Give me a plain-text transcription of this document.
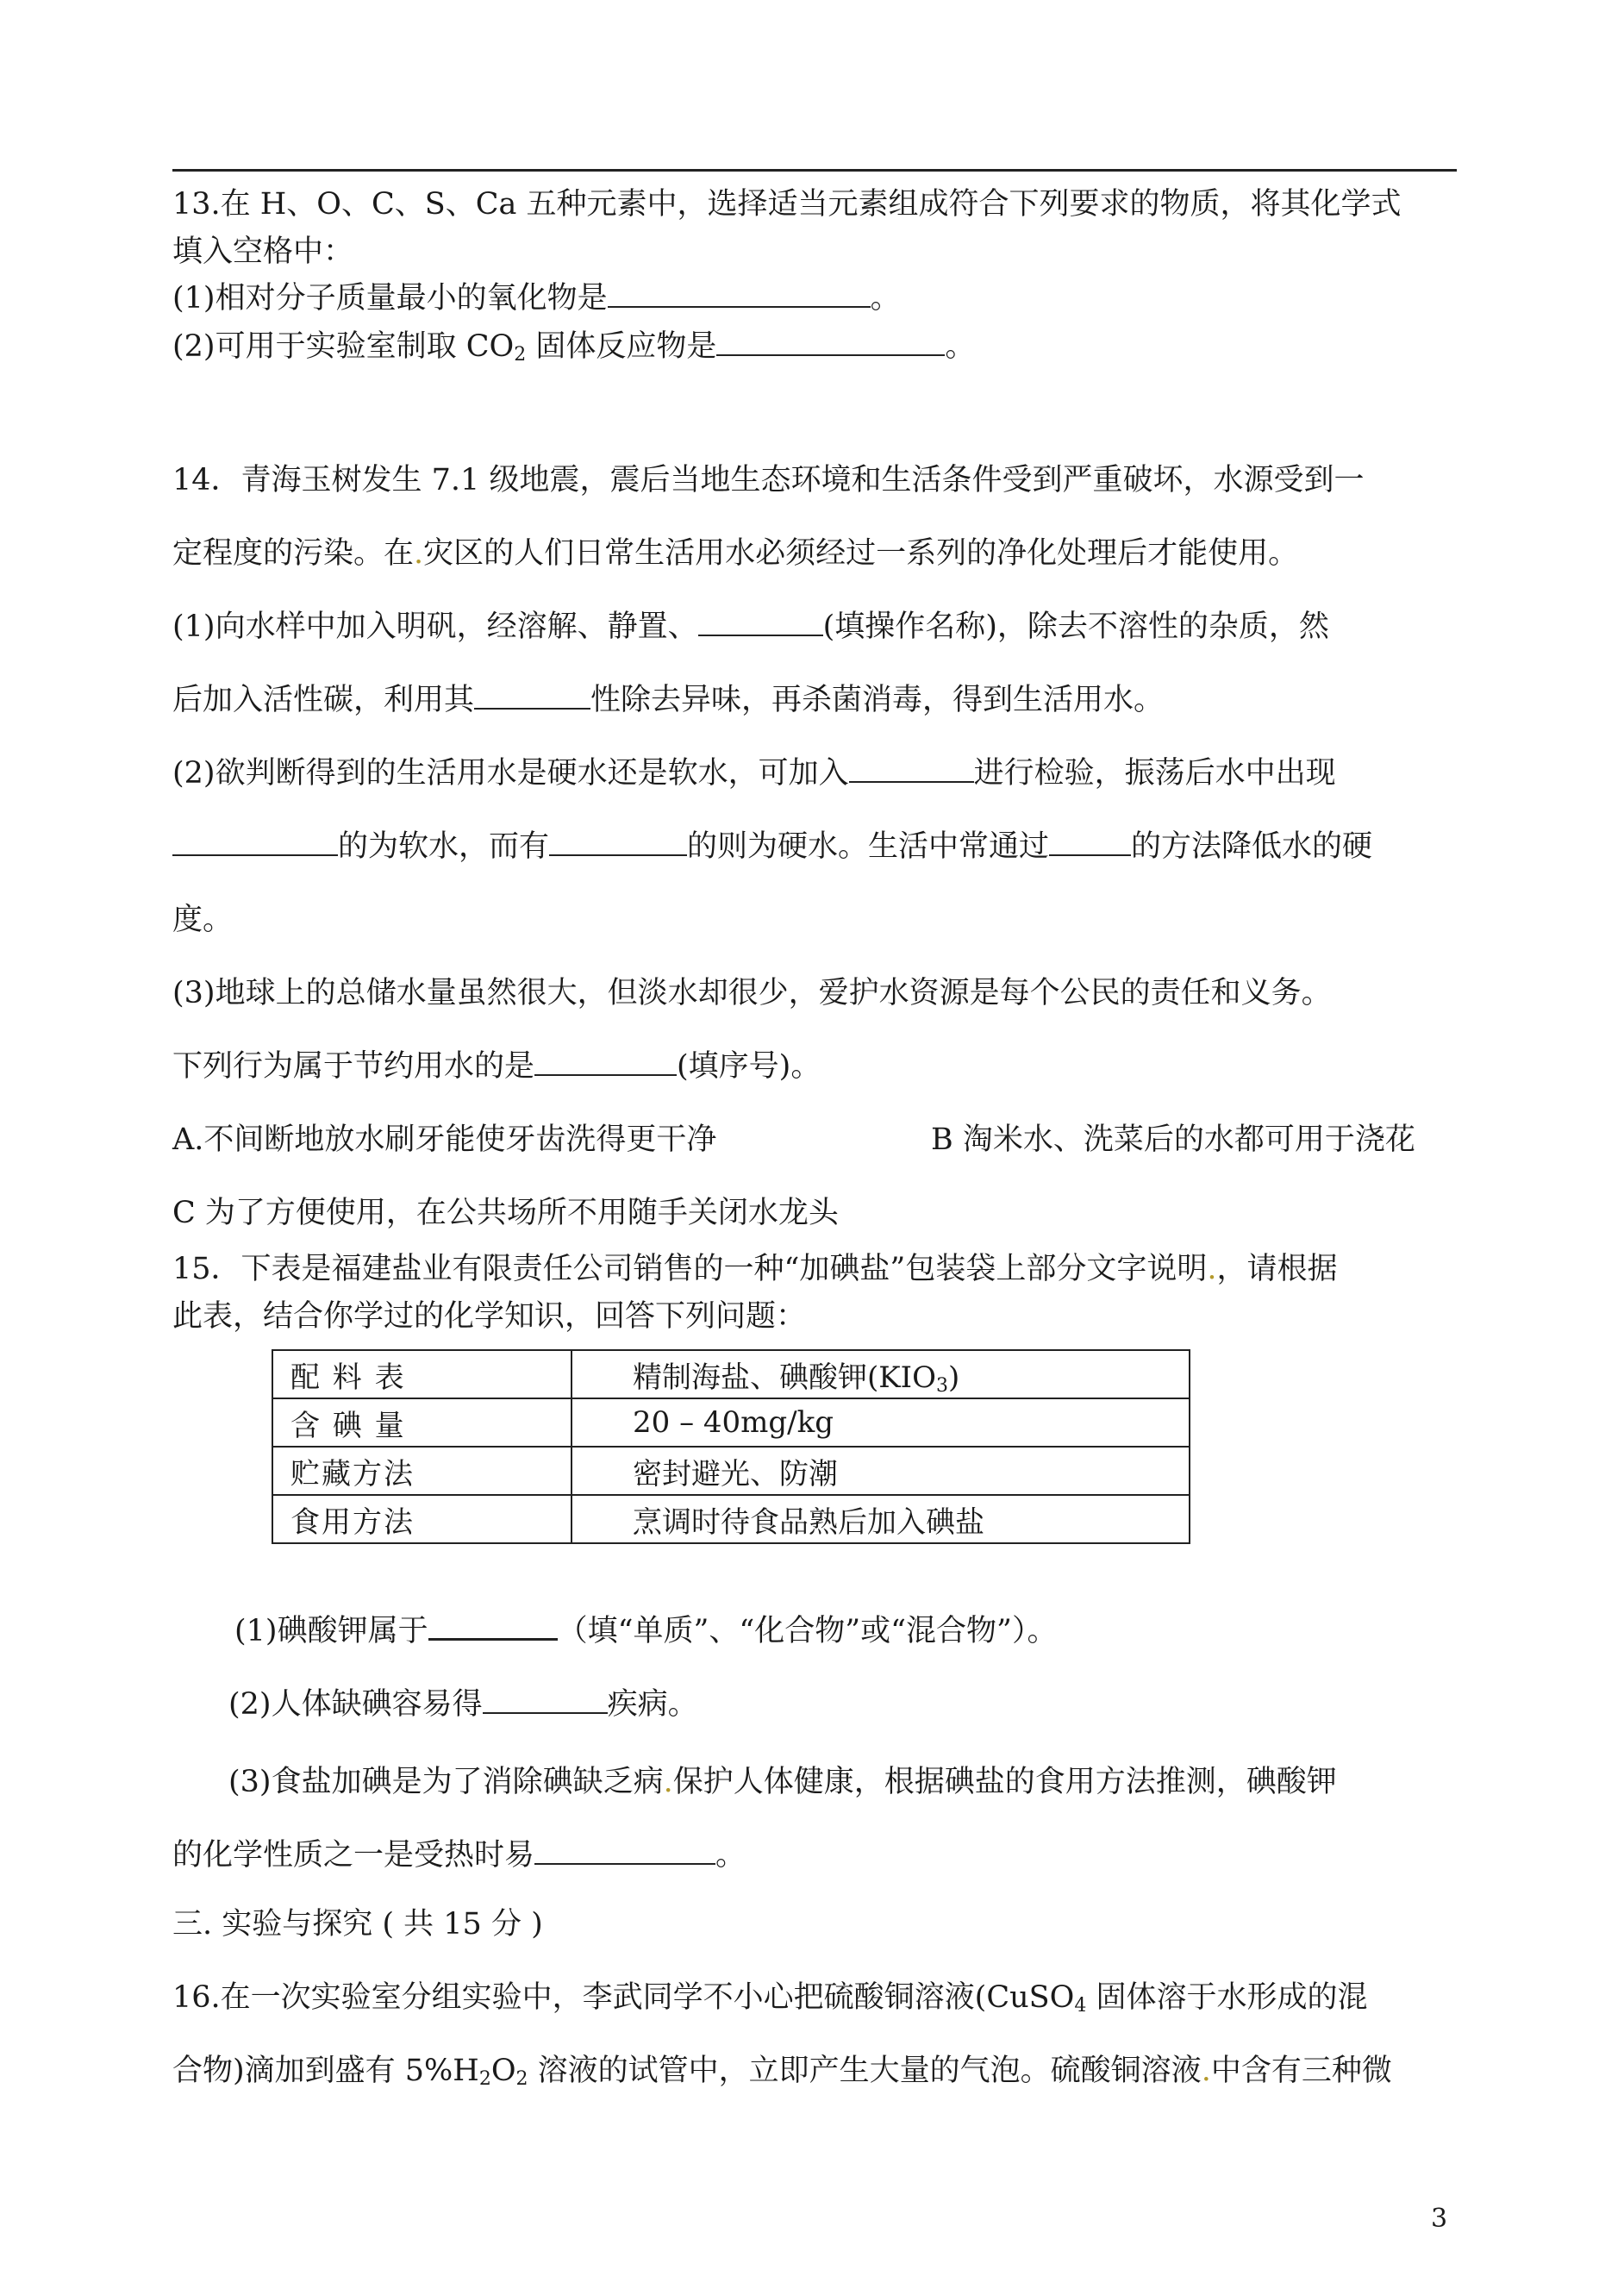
13.在 H、O、C、S、Ca 五种元素中，选择适当元素组成符合下列要求的物质，将其化学式
填入空格中：
(1)相对分子质量最小的氧化物是	。
(2)可用于实验室制取 $CO_2$ 固体反应物是	。
14．青海玉树发生 7.1 级地震，震后当地生态环境和生活条件受到严重破坏，水源受到一
定程度的污染。在.灾区的人们日常生活用水必须经过一系列的净化处理后才能使用。
(1)向水样中加入明矾，经溶解、静置、	(填操作名称)，除去不溶性的杂质，然
后加入活性碳，利用其	性除去异味，再杀菌消毒，得到生活用水。
(2)欲判断得到的生活用水是硬水还是软水，可加入	进行检验，振荡后水中出现
的为软水，而有	的则为硬水。生活中常通过	的方法降低水的硬
度。
(3)地球上的总储水量虽然很大，但淡水却很少，爱护水资源是每个公民的责任和义务。
下列行为属于节约用水的是	(填序号)。
A.不间断地放水刷牙能使牙齿洗得更干净	B 淘米水、洗菜后的水都可用于浇花
C 为了方便使用，在公共场所不用随手关闭水龙头
15．下表是福建盐业有限责任公司销售的一种“加碘盐”包装袋上部分文字说明.，请根据
此表，结合你学过的化学知识，回答下列问题：
配 料 表	精制海盐、碘酸钾$(KIO_3)$
含 碘 量	20 – 40mg/kg
贮藏方法	密封避光、防潮
食用方法	烹调时待食品熟后加入碘盐
(1)碘酸钾属于	（填“单质”、“化合物”或“混合物”）。
(2)人体缺碘容易得	疾病。
(3)食盐加碘是为了消除碘缺乏病.保护人体健康，根据碘盐的食用方法推测，碘酸钾
的化学性质之一是受热时易	。
三. 实验与探究 ( 共 15 分 )
16.在一次实验室分组实验中，李武同学不小心把硫酸铜溶液(CuSO$_4$ 固体溶于水形成的混
合物)滴加到盛有 $5\%H_2O_2$ 溶液的试管中，立即产生大量的气泡。硫酸铜溶液.中含有三种微
3
